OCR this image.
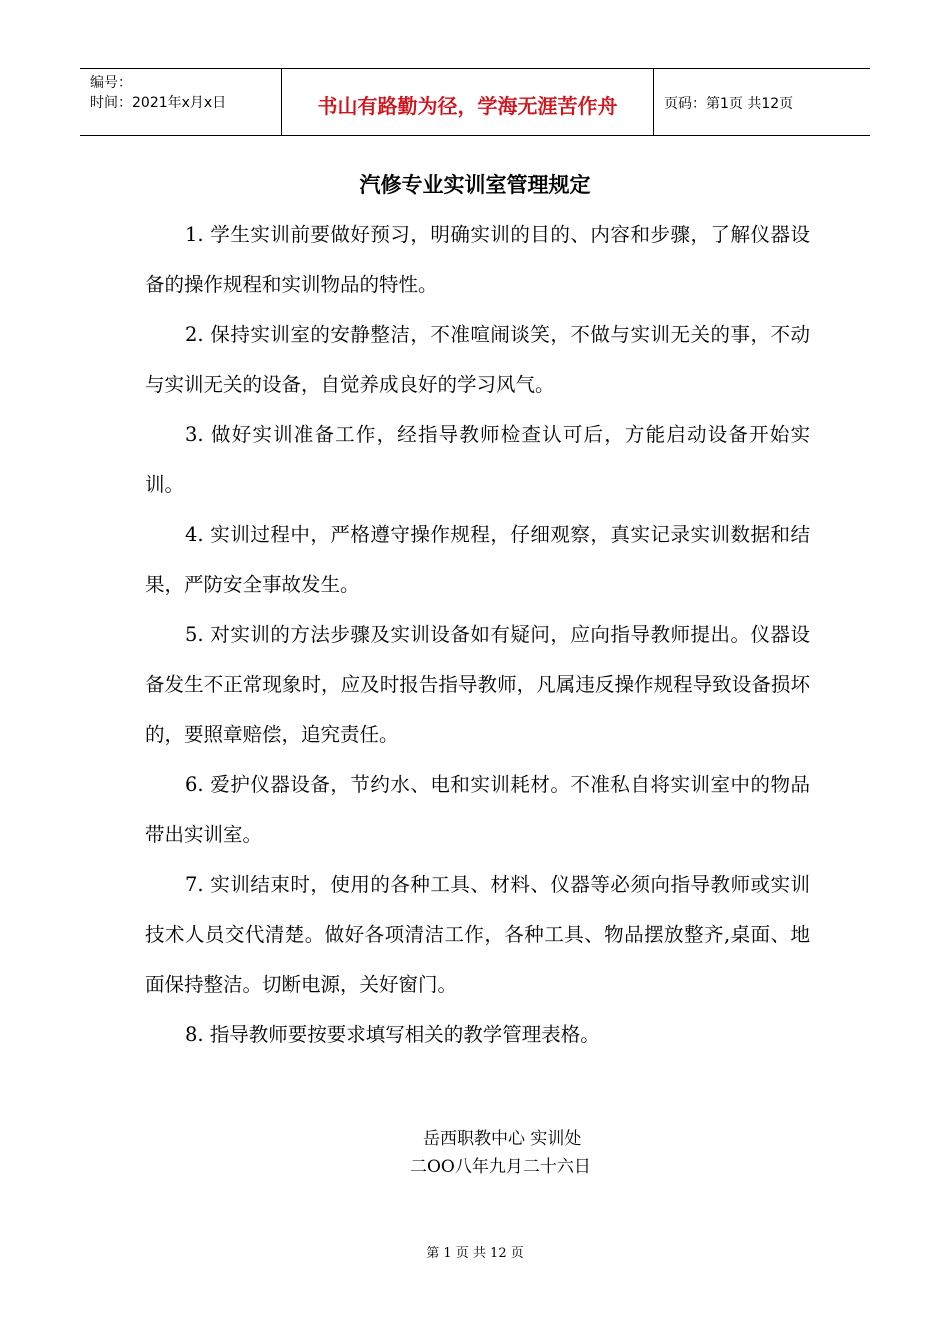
编号：
时间：2021年x月x日	书山有路勤为径，学海无涯苦作舟	页码：第1页 共12页
汽修专业实训室管理规定

1. 学生实训前要做好预习，明确实训的目的、内容和步骤，了解仪器设备的操作规程和实训物品的特性。

2. 保持实训室的安静整洁，不准喧闹谈笑，不做与实训无关的事，不动与实训无关的设备，自觉养成良好的学习风气。

3. 做好实训准备工作，经指导教师检查认可后，方能启动设备开始实训。

4. 实训过程中，严格遵守操作规程，仔细观察，真实记录实训数据和结果，严防安全事故发生。

5. 对实训的方法步骤及实训设备如有疑问，应向指导教师提出。仪器设备发生不正常现象时，应及时报告指导教师，凡属违反操作规程导致设备损坏的，要照章赔偿，追究责任。

6. 爱护仪器设备，节约水、电和实训耗材。不准私自将实训室中的物品带出实训室。

7. 实训结束时，使用的各种工具、材料、仪器等必须向指导教师或实训技术人员交代清楚。做好各项清洁工作，各种工具、物品摆放整齐,桌面、地面保持整洁。切断电源，关好窗门。

8. 指导教师要按要求填写相关的教学管理表格。

岳西职教中心 实训处
二OO八年九月二十六日
第 1 页 共 12 页
